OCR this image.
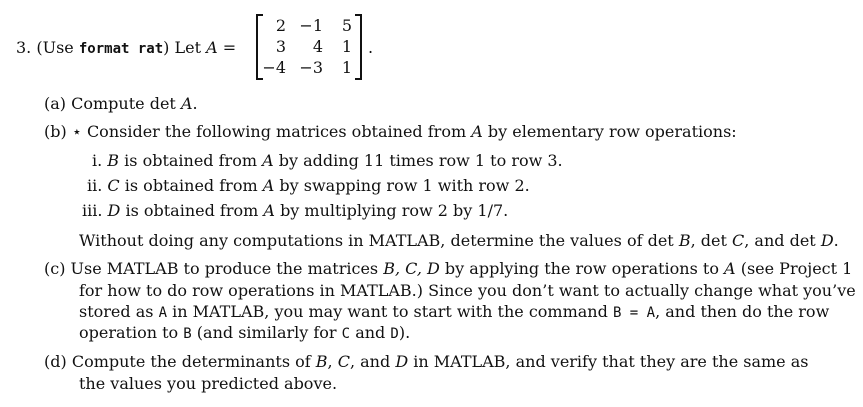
3. (Use format rat) Let A =
2 −1	5
3	4	1
−4 −3	1
.
(a) Compute det A.
(b) ⋆ Consider the following matrices obtained from A by elementary row operations:
i. B is obtained from A by adding 11 times row 1 to row 3.
ii. C is obtained from A by swapping row 1 with row 2.
iii. D is obtained from A by multiplying row 2 by 1/7.
Without doing any computations in MATLAB, determine the values of det B, det C, and det D.
(c) Use MATLAB to produce the matrices B, C, D by applying the row operations to A (see Project 1
for how to do row operations in MATLAB.) Since you don’t want to actually change what you’ve
stored as A in MATLAB, you may want to start with the command B = A, and then do the row
operation to B (and similarly for C and D).
(d) Compute the determinants of B, C, and D in MATLAB, and verify that they are the same as
the values you predicted above.
